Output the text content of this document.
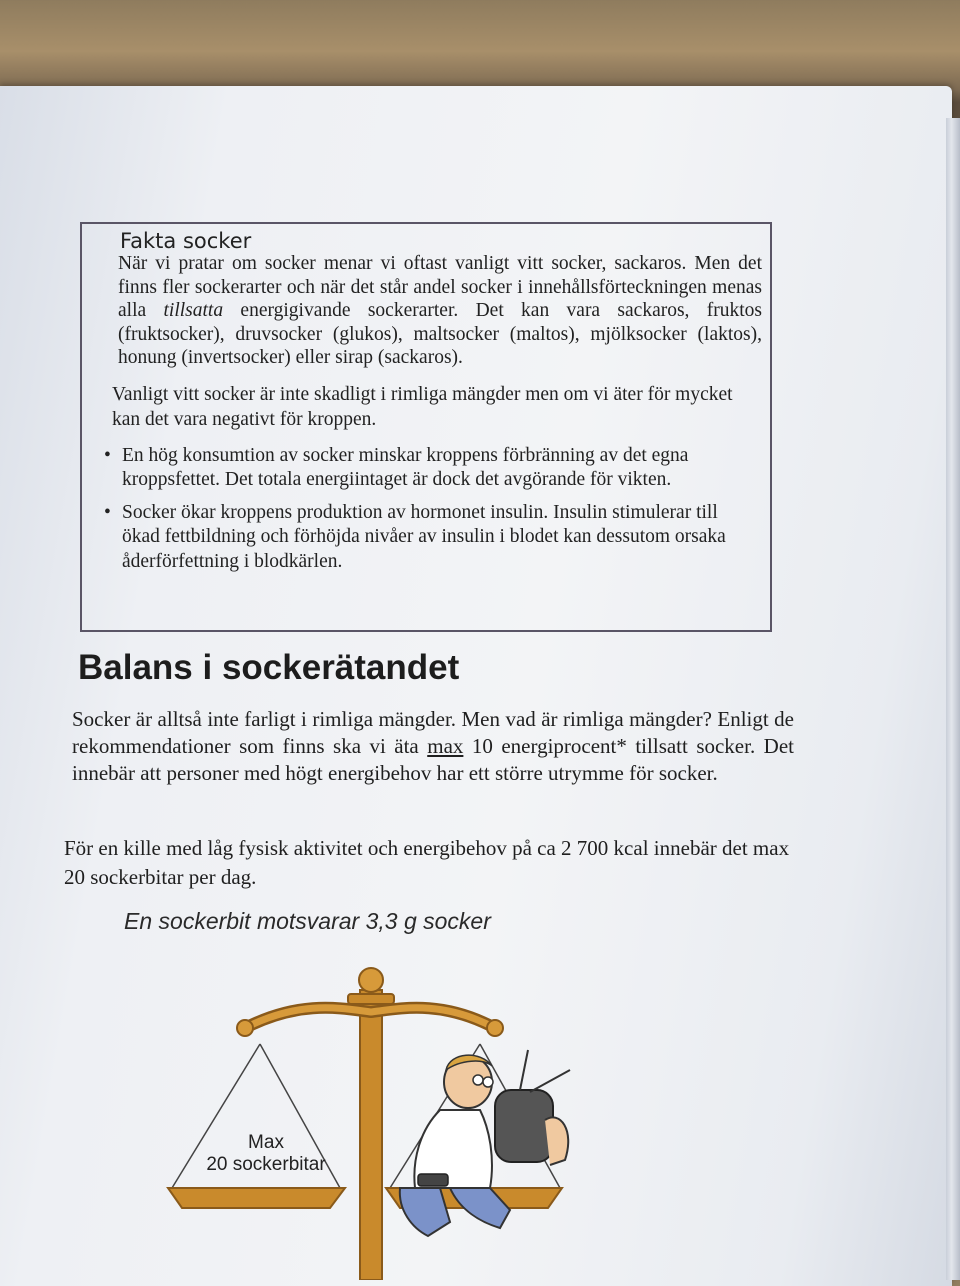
Fakta socker
När vi pratar om socker menar vi oftast vanligt vitt socker, sackaros. Men det finns fler sockerarter och när det står andel socker i innehållsförteckningen menas alla tillsatta energigivande sockerarter. Det kan vara sackaros, fruktos (fruktsocker), druvsocker (glukos), maltsocker (maltos), mjölksocker (laktos), honung (invertsocker) eller sirap (sackaros).
Vanligt vitt socker är inte skadligt i rimliga mängder men om vi äter för mycket kan det vara negativt för kroppen.
• En hög konsumtion av socker minskar kroppens förbränning av det egna kroppsfettet. Det totala energiintaget är dock det avgörande för vikten.
• Socker ökar kroppens produktion av hormonet insulin. Insulin stimulerar till ökad fettbildning och förhöjda nivåer av insulin i blodet kan dessutom orsaka åderförfettning i blodkärlen.
Balans i sockerätandet
Socker är alltså inte farligt i rimliga mängder. Men vad är rimliga mängder? Enligt de rekommendationer som finns ska vi äta max 10 energiprocent* tillsatt socker. Det innebär att personer med högt energibehov har ett större utrymme för socker.
För en kille med låg fysisk aktivitet och energibehov på ca 2 700 kcal innebär det max 20 sockerbitar per dag.
En sockerbit motsvarar 3,3 g socker
Max
20 sockerbitar
